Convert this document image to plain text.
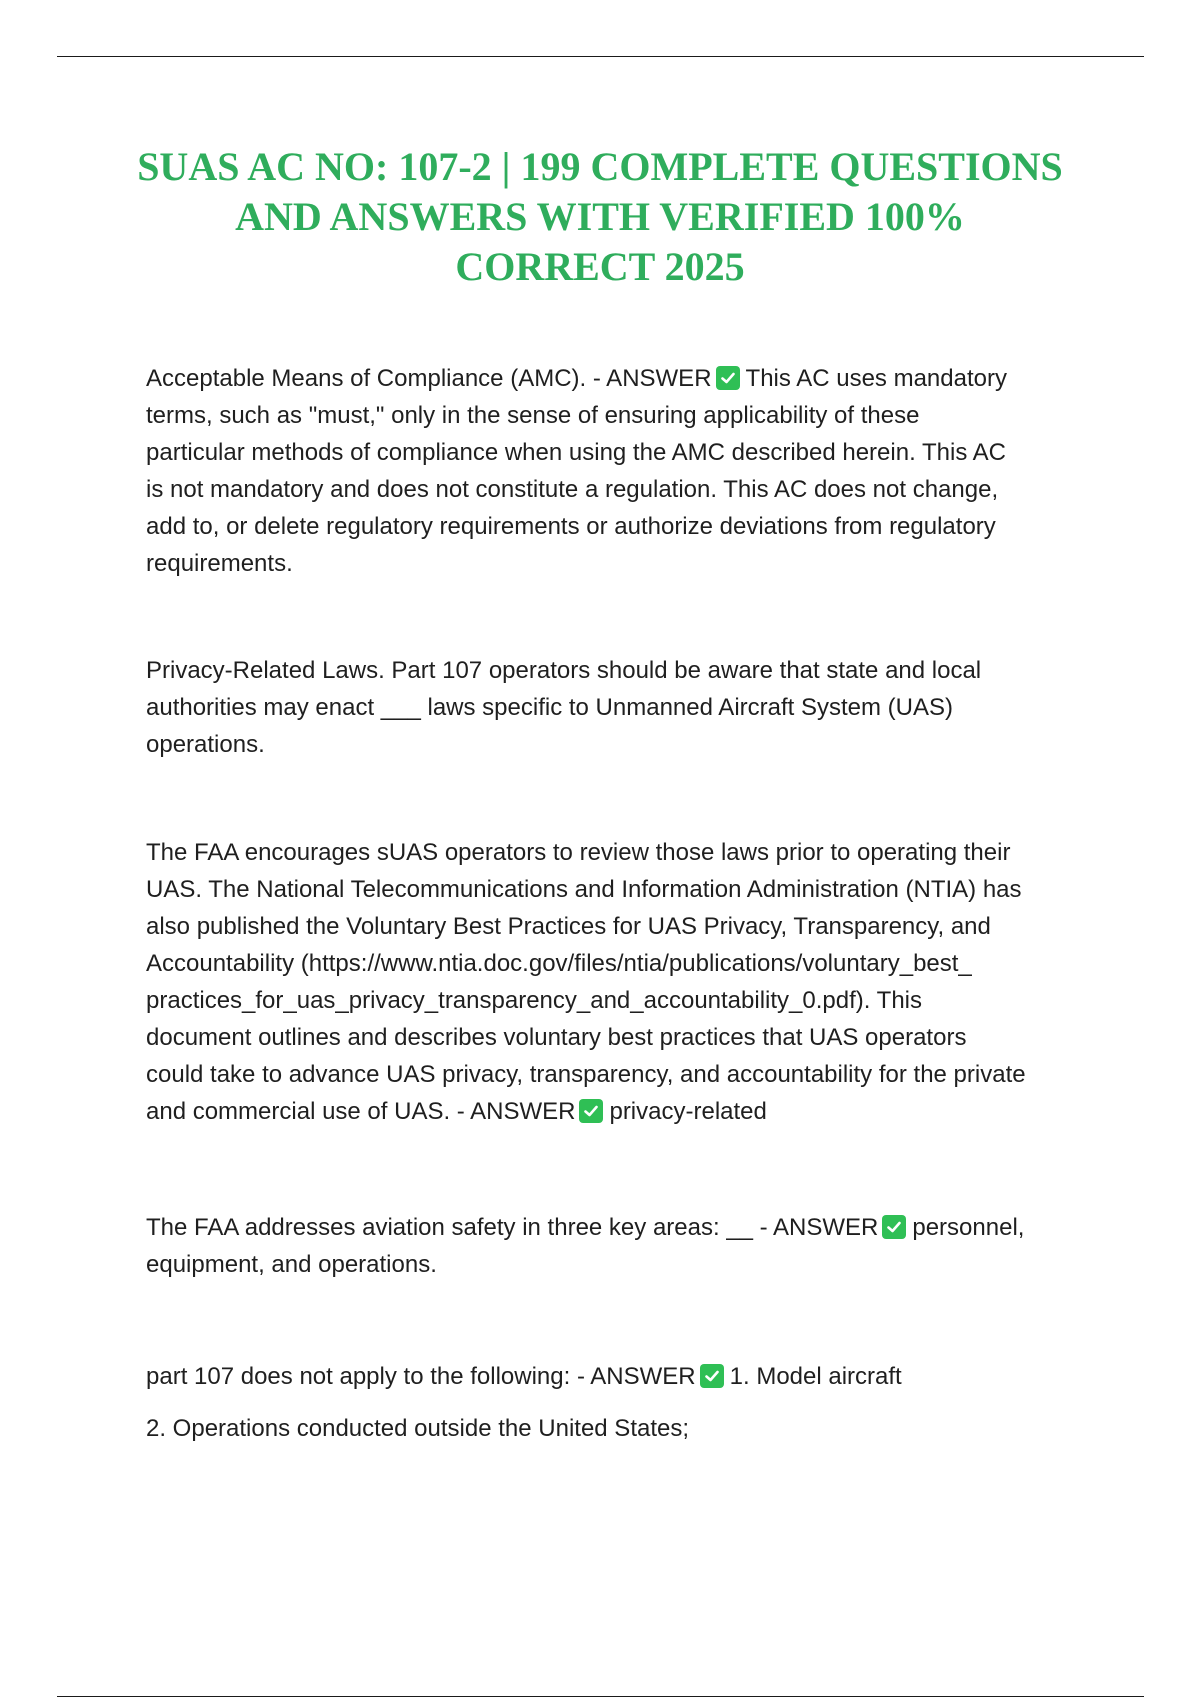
SUAS AC NO: 107-2 | 199 COMPLETE QUESTIONS
AND ANSWERS WITH VERIFIED 100%
CORRECT 2025

Acceptable Means of Compliance (AMC). - ANSWER This AC uses mandatory
terms, such as "must," only in the sense of ensuring applicability of these
particular methods of compliance when using the AMC described herein. This AC
is not mandatory and does not constitute a regulation. This AC does not change,
add to, or delete regulatory requirements or authorize deviations from regulatory
requirements.

Privacy-Related Laws. Part 107 operators should be aware that state and local
authorities may enact ___ laws specific to Unmanned Aircraft System (UAS)
operations.

The FAA encourages sUAS operators to review those laws prior to operating their
UAS. The National Telecommunications and Information Administration (NTIA) has
also published the Voluntary Best Practices for UAS Privacy, Transparency, and
Accountability (https://www.ntia.doc.gov/files/ntia/publications/voluntary_best_
practices_for_uas_privacy_transparency_and_accountability_0.pdf). This
document outlines and describes voluntary best practices that UAS operators
could take to advance UAS privacy, transparency, and accountability for the private
and commercial use of UAS. - ANSWER privacy-related

The FAA addresses aviation safety in three key areas: __ - ANSWER personnel,
equipment, and operations.

part 107 does not apply to the following: - ANSWER 1. Model aircraft

2. Operations conducted outside the United States;
